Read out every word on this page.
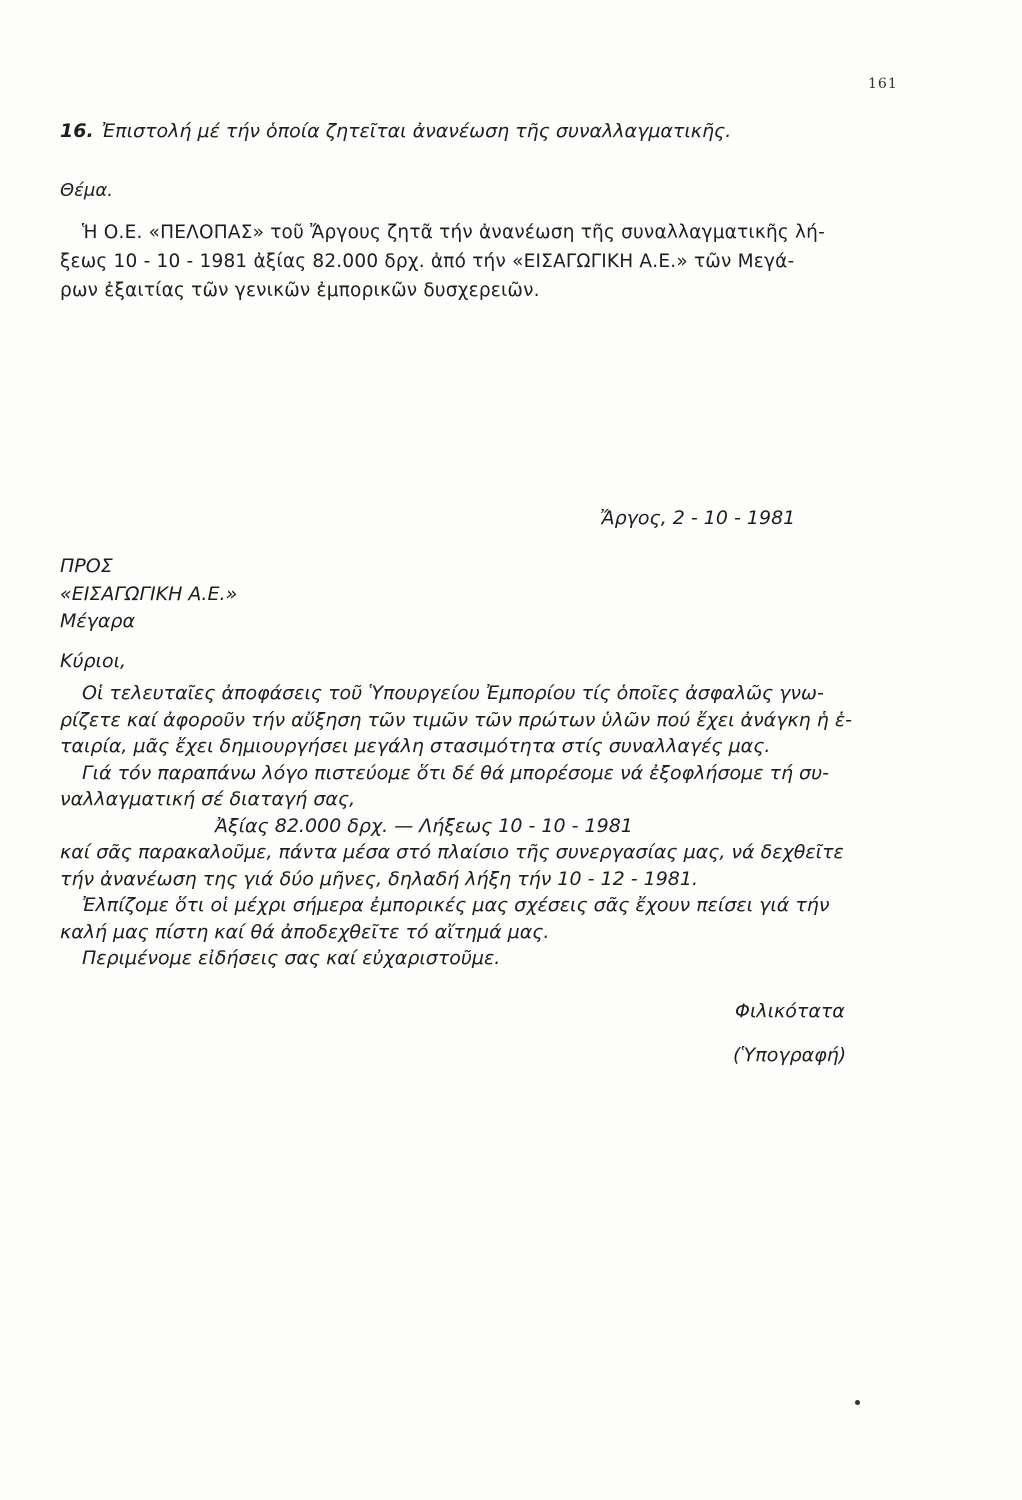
161
16. Ἐπιστολή μέ τήν ὁποία ζητεῖται ἀνανέωση τῆς συναλλαγματικῆς.
Θέμα.
Ἡ Ο.Ε. «ΠΕΛΟΠΑΣ» τοῦ Ἄργους ζητᾶ τήν ἀνανέωση τῆς συναλλαγματικῆς λή-
ξεως 10 - 10 - 1981 ἀξίας 82.000 δρχ. ἀπό τήν «ΕΙΣΑΓΩΓΙΚΗ Α.Ε.» τῶν Μεγά-
ρων ἐξαιτίας τῶν γενικῶν ἐμπορικῶν δυσχερειῶν.
Ἄργος, 2 - 10 - 1981
ΠΡΟΣ
«ΕΙΣΑΓΩΓΙΚΗ Α.Ε.»
Μέγαρα
Κύριοι,
Οἱ τελευταῖες ἀποφάσεις τοῦ Ὑπουργείου Ἐμπορίου τίς ὁποῖες ἀσφαλῶς γνω-
ρίζετε καί ἀφοροῦν τήν αὔξηση τῶν τιμῶν τῶν πρώτων ὑλῶν πού ἔχει ἀνάγκη ἡ ἑ-
ταιρία, μᾶς ἔχει δημιουργήσει μεγάλη στασιμότητα στίς συναλλαγές μας.
Γιά τόν παραπάνω λόγο πιστεύομε ὅτι δέ θά μπορέσομε νά ἐξοφλήσομε τή συ-
ναλλαγματική σέ διαταγή σας,
Ἀξίας 82.000 δρχ. — Λήξεως 10 - 10 - 1981
καί σᾶς παρακαλοῦμε, πάντα μέσα στό πλαίσιο τῆς συνεργασίας μας, νά δεχθεῖτε
τήν ἀνανέωση της γιά δύο μῆνες, δηλαδή λήξη τήν 10 - 12 - 1981.
Ἐλπίζομε ὅτι οἱ μέχρι σήμερα ἐμπορικές μας σχέσεις σᾶς ἔχουν πείσει γιά τήν
καλή μας πίστη καί θά ἀποδεχθεῖτε τό αἴτημά μας.
Περιμένομε εἰδήσεις σας καί εὐχαριστοῦμε.
Φιλικότατα
(Ὑπογραφή)
